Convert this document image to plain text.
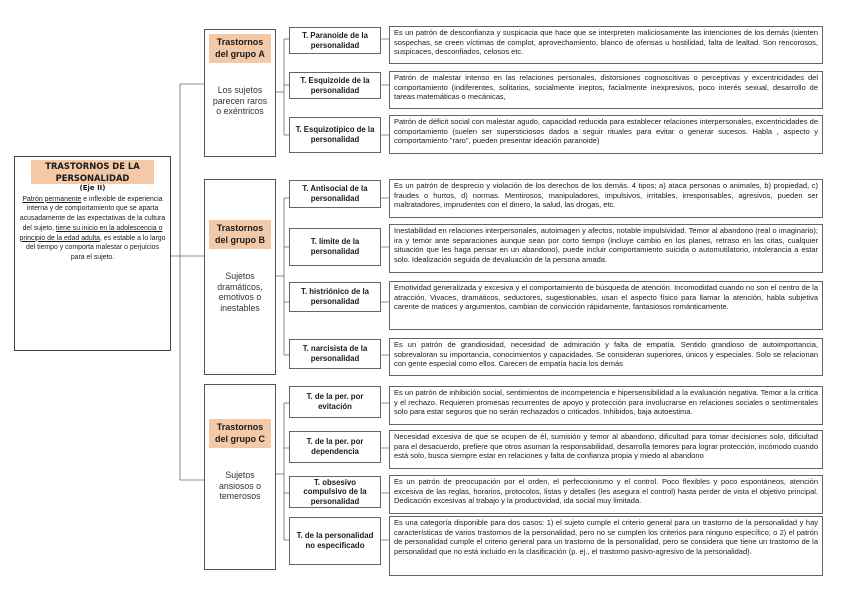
TRASTORNOS DE LA
PERSONALIDAD
(Eje II)

Patrón permanente e inflexible de experiencia interna y de comportamiento que se aparta acusadamente de las expectativas de la cultura del sujeto, tiene su inicio en la adolescencia o principio de la edad adulta, es estable a lo largo del tiempo y comporta malestar o perjuicios para el sujeto.

Trastornos del grupo A
Los sujetos parecen raros o exéntricos
Trastornos del grupo B
Sujetos dramáticos, emotivos o inestables
Trastornos del grupo C
Sujetos ansiosos o temerosos
T. Paranoide de la personalidad
Es un patrón de desconfianza y suspicacia que hace que se interpreten maliciosamente las intenciones de los demás (sienten sospechas, se creen víctimas de complot, aprovechamiento, blanco de ofensas u hostilidad, falta de lealtad. Son rencorosos, suspicaces, desconfiados, celosos etc.
T. Esquizoide de la personalidad
Patrón de malestar intenso en las relaciones personales, distorsiones cognoscitivas o perceptivas y excentricidades del comportamiento (indiferentes, solitarios, socialmente ineptos, facialmente inexpresivos, poco interés sexual, desarrollo de tareas matemáticas o mecánicas,
T. Esquizotípico de la personalidad
Patrón de déficit social con malestar agudo, capacidad reducida para establecer relaciones interpersonales, excentricidades de comportamiento (suelen ser supersticiosos dados a seguir rituales para evitar o generar sucesos. Habla , aspecto y comportamiento "raro", pueden presentar ideación paranoide)
T. Antisocial de la personalidad
Es un patrón de desprecio y violación de los derechos de los demás. 4 tipos; a) ataca personas o animales, b) propiedad, c) fraudes o hurtos, d) normas. Mentirosos, manipuladores, impulsivos, irritables, irresponsables, agresivos, pueden ser maltratadores, imprudentes con el dinero, la salud, las drogas, etc.
T. límite de la personalidad
Inestabilidad en relaciones interpersonales, autoimagen y afectos, notable impulsividad. Temor al abandono (real o imaginario); ira y temor ante separaciones aunque sean por corto tiempo (incluye cambio en los planes, retraso en las citas, cualquier situación que les haga pensar en un abandono), puede incluir comportamiento suicida o automutilatorio, intolerancia a estar solo. Idealización seguida de devaluación de la persona amada.
T. histriónico de la personalidad
Emotividad generalizada y excesiva y el comportamiento de búsqueda de atención. Incomodidad cuando no son el centro de la atracción. Vivaces, dramáticos, seductores, sugestionables, usan el aspecto físico para llamar la atención, habla subjetiva carente de matices y argumentos, cambian de convicción rápidamente, fantasiosos románticamente.
T. narcisista de la personalidad
Es un patrón de grandiosidad, necesidad de admiración y falta de empatía. Sentido grandioso de autoimportancia, sobrevaloran su importancia, conocimientos y capacidades. Se consideran superiores, únicos y especiales. Solo se relacionan con gente especial como ellos. Carecen de empatía hacia los demás
T. de la per. por evitación
Es un patrón de inhibición social, sentimientos de incompetencia e hipersensibilidad a la evaluación negativa. Temor a la crítica y el rechazo. Requieren promesas recurrentes de apoyo y protección para involucrarse en relaciones sociales o sentimentales solo para estar seguros que no serán rechazados o criticados. Inhibidos, baja autoestima.
T. de la per. por dependencia
Necesidad excesiva de que se ocupen de él, sumisión y temor al abandono, dificultad para tomar decisiones solo, dificultad para el desacuerdo, prefiere que otros asuman la responsabilidad, desarrolla temores para lograr protección, incómodo cuando está solo, busca siempre estar en relaciones y falta de confianza propia y miedo al abandono
T. obsesivo compulsivo de la personalidad
Es un patrón de preocupación por el orden, el perfeccionismo y el control. Poco flexibles y poco espontáneos, atención excesiva de las reglas, horarios, protocolos, listas y detalles (les asegura el control) hasta perder de vista el objetivo principal. Dedicación excesivas al trabajo y la productividad, ida social muy limitada.
T. de la personalidad no especificado
Es una categoría disponible para dos casos: 1) el sujeto cumple el criterio general para un trastorno de la personalidad y hay características de varios trastornos de la personalidad, pero no se cumplen los criterios para ninguno específico; o 2) el patrón de personalidad cumple el criterio general para un trastorno de la personalidad, pero se considera que tiene un trastorno de la personalidad que no está incluido en la clasificación (p. ej., el trastorno pasivo-agresivo de la personalidad).
